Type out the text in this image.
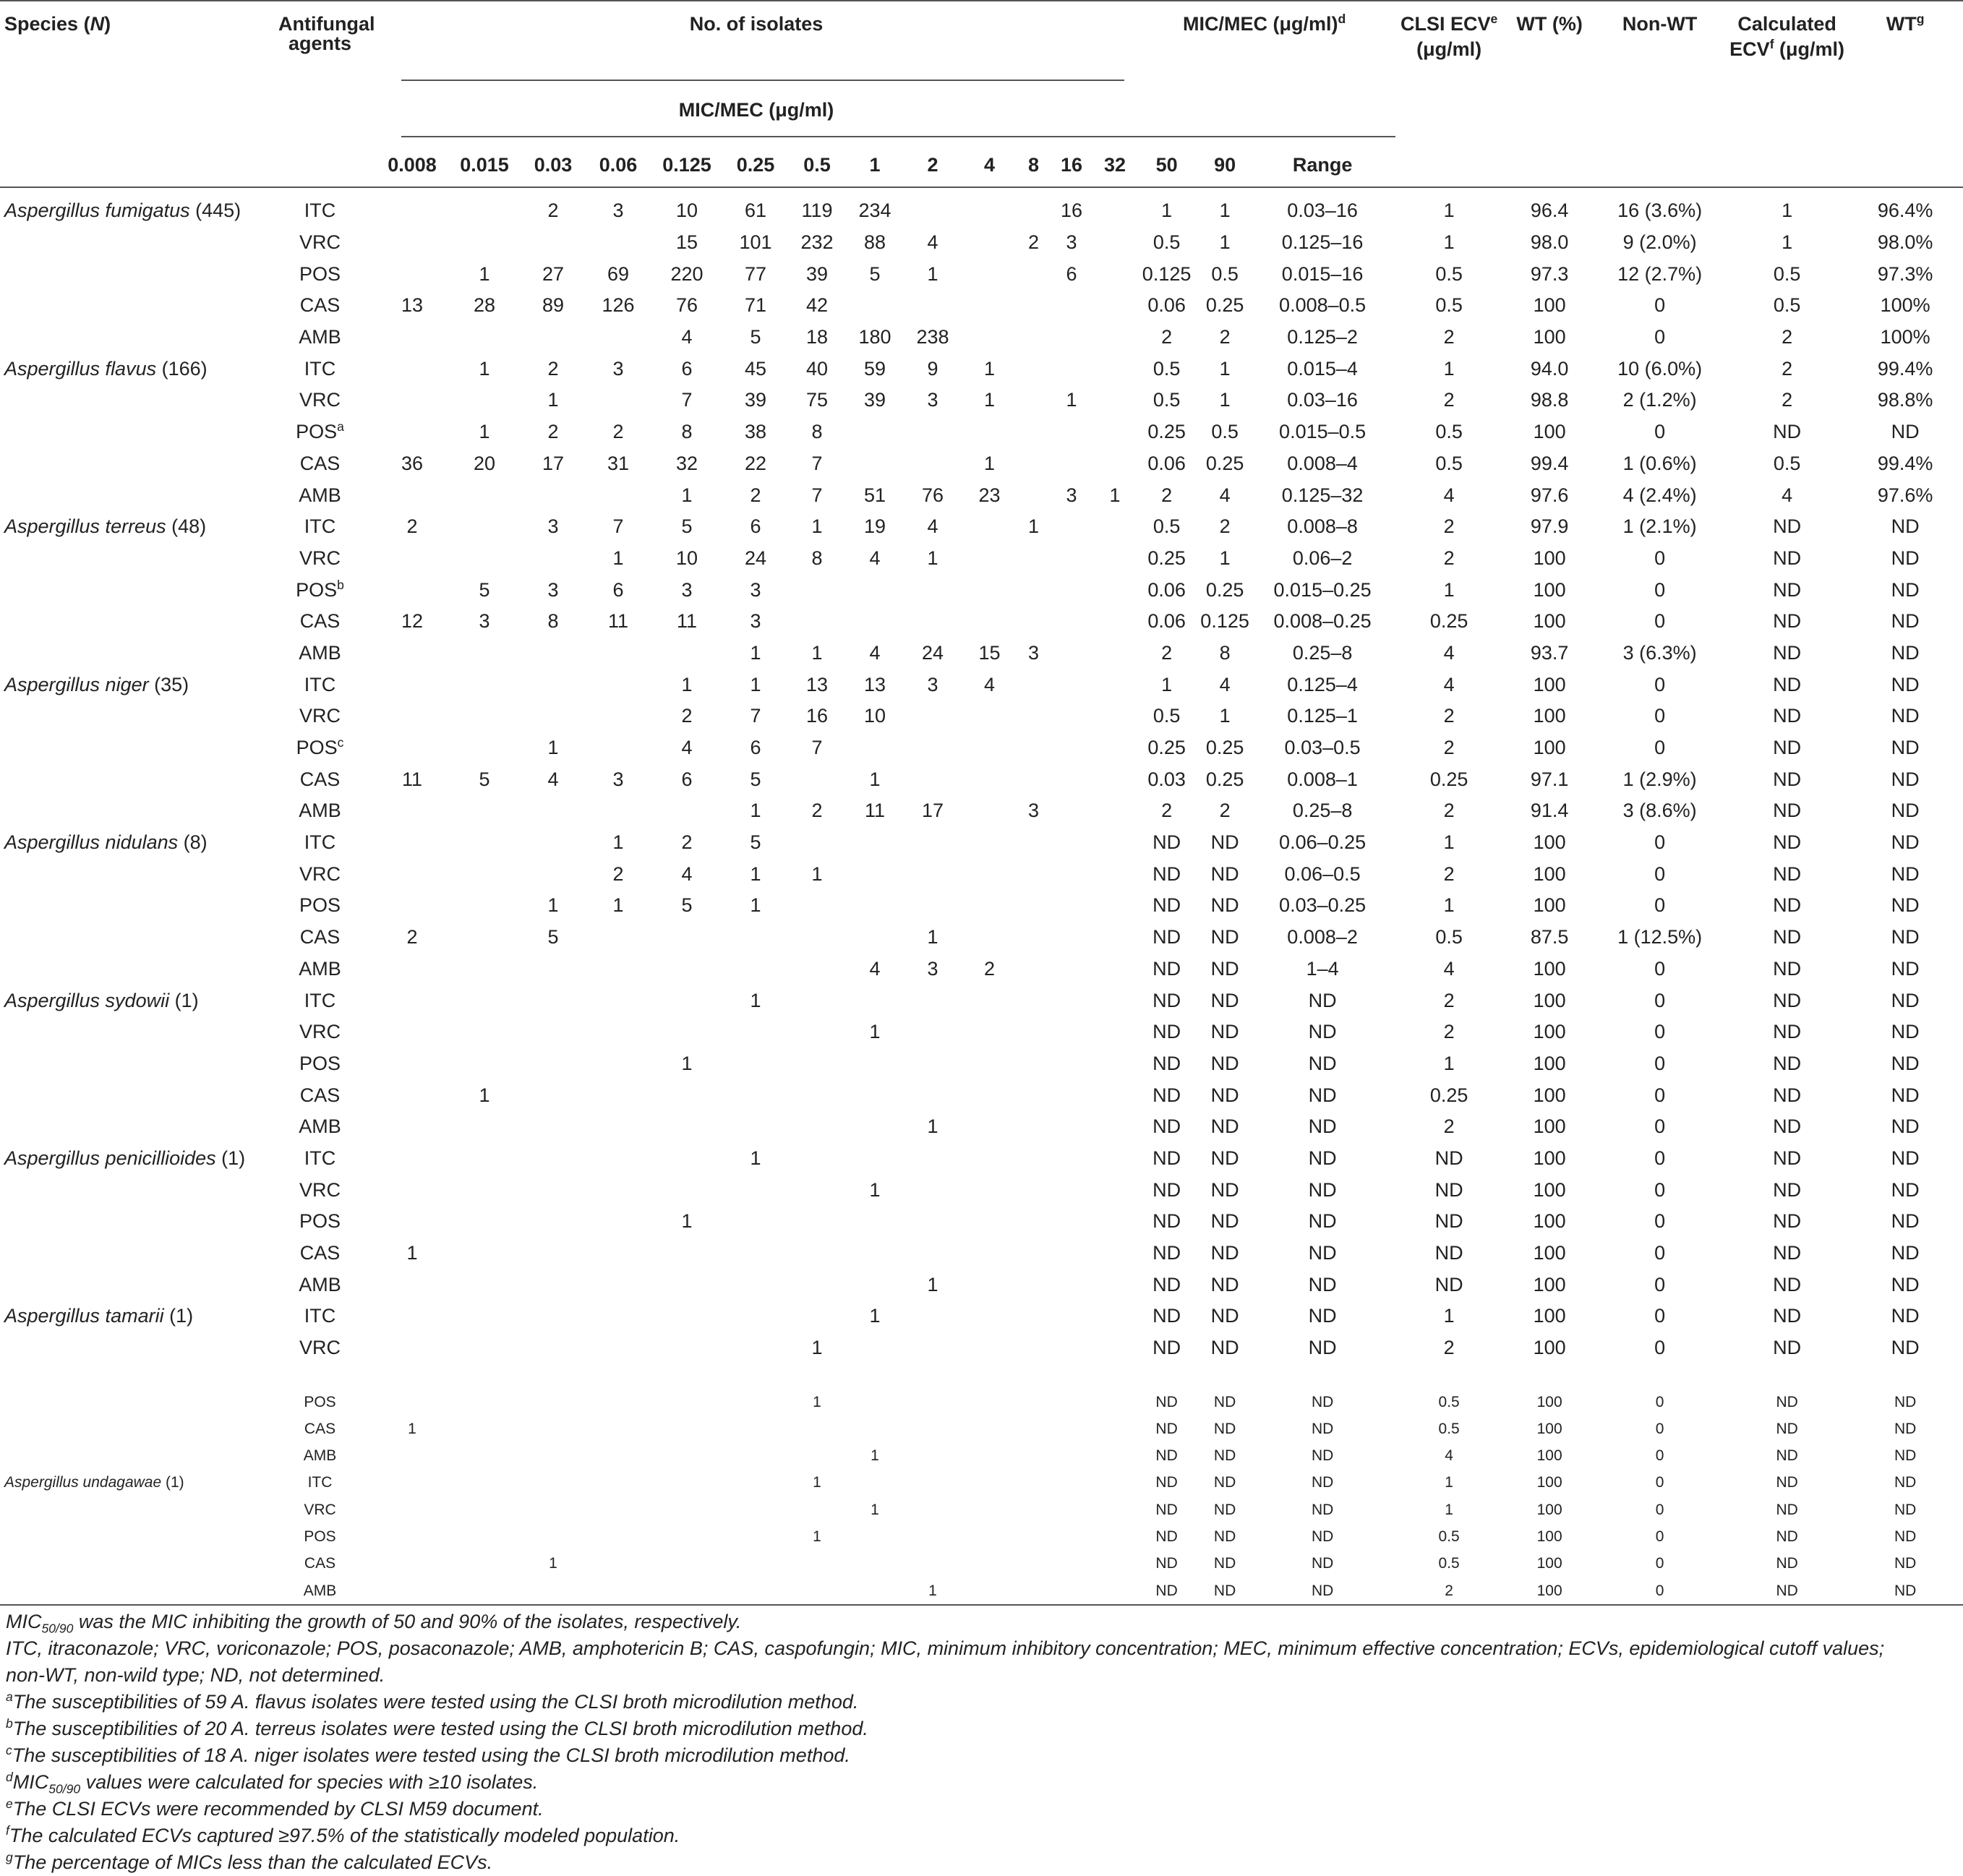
Species (N)	Antifungal agents	No. of isolates													MIC/MEC $(\mu g/ml)^d$			CLSI ECV$^e$
(μg/ml)	WT (%)	Non-WT	Calculated
ECV$^f$ (μg/ml)	$WT^g$
		MIC/MEC (μg/ml)																				
		0.008	0.015	0.03	0.06	0.125	0.25	0.5	1	2	4	8	16	32	50	90	Range					
Aspergillus fumigatus (445)	ITC			2	3	10	61	119	234				16		1	1	0.03–16	1	96.4	16 (3.6%)	1	96.4%
	VRC					15	101	232	88	4		2	3		0.5	1	0.125–16	1	98.0	9 (2.0%)	1	98.0%
	POS		1	27	69	220	77	39	5	1			6		0.125	0.5	0.015–16	0.5	97.3	12 (2.7%)	0.5	97.3%
	CAS	13	28	89	126	76	71	42							0.06	0.25	0.008–0.5	0.5	100	0	0.5	100%
	AMB					4	5	18	180	238					2	2	0.125–2	2	100	0	2	100%
Aspergillus flavus (166)	ITC		1	2	3	6	45	40	59	9	1				0.5	1	0.015–4	1	94.0	10 (6.0%)	2	99.4%
	VRC			1		7	39	75	39	3	1		1		0.5	1	0.03–16	2	98.8	2 (1.2%)	2	98.8%
	POS$^a$		1	2	2	8	38	8							0.25	0.5	0.015–0.5	0.5	100	0	ND	ND
	CAS	36	20	17	31	32	22	7			1				0.06	0.25	0.008–4	0.5	99.4	1 (0.6%)	0.5	99.4%
	AMB					1	2	7	51	76	23		3	1	2	4	0.125–32	4	97.6	4 (2.4%)	4	97.6%
Aspergillus terreus (48)	ITC	2		3	7	5	6	1	19	4		1			0.5	2	0.008–8	2	97.9	1 (2.1%)	ND	ND
	VRC				1	10	24	8	4	1					0.25	1	0.06–2	2	100	0	ND	ND
	POS$^b$		5	3	6	3	3								0.06	0.25	0.015–0.25	1	100	0	ND	ND
	CAS	12	3	8	11	11	3								0.06	0.125	0.008–0.25	0.25	100	0	ND	ND
	AMB						1	1	4	24	15	3			2	8	0.25–8	4	93.7	3 (6.3%)	ND	ND
Aspergillus niger (35)	ITC					1	1	13	13	3	4				1	4	0.125–4	4	100	0	ND	ND
	VRC					2	7	16	10						0.5	1	0.125–1	2	100	0	ND	ND
	POS$^c$			1		4	6	7							0.25	0.25	0.03–0.5	2	100	0	ND	ND
	CAS	11	5	4	3	6	5		1						0.03	0.25	0.008–1	0.25	97.1	1 (2.9%)	ND	ND
	AMB						1	2	11	17		3			2	2	0.25–8	2	91.4	3 (8.6%)	ND	ND
Aspergillus nidulans (8)	ITC				1	2	5								ND	ND	0.06–0.25	1	100	0	ND	ND
	VRC				2	4	1	1							ND	ND	0.06–0.5	2	100	0	ND	ND
	POS			1	1	5	1								ND	ND	0.03–0.25	1	100	0	ND	ND
	CAS	2		5						1					ND	ND	0.008–2	0.5	87.5	1 (12.5%)	ND	ND
	AMB								4	3	2				ND	ND	1–4	4	100	0	ND	ND
Aspergillus sydowii (1)	ITC						1								ND	ND	ND	2	100	0	ND	ND
	VRC								1						ND	ND	ND	2	100	0	ND	ND
	POS					1									ND	ND	ND	1	100	0	ND	ND
	CAS		1												ND	ND	ND	0.25	100	0	ND	ND
	AMB									1					ND	ND	ND	2	100	0	ND	ND
Aspergillus penicillioides (1)	ITC						1								ND	ND	ND	ND	100	0	ND	ND
	VRC								1						ND	ND	ND	ND	100	0	ND	ND
	POS					1									ND	ND	ND	ND	100	0	ND	ND
	CAS	1													ND	ND	ND	ND	100	0	ND	ND
	AMB									1					ND	ND	ND	ND	100	0	ND	ND
Aspergillus tamarii (1)	ITC								1						ND	ND	ND	1	100	0	ND	ND
	VRC							1							ND	ND	ND	2	100	0	ND	ND

	POS							1							ND	ND	ND	0.5	100	0	ND	ND
	CAS	1													ND	ND	ND	0.5	100	0	ND	ND
	AMB								1						ND	ND	ND	4	100	0	ND	ND
Aspergillus undagawae (1)	ITC							1							ND	ND	ND	1	100	0	ND	ND
	VRC								1						ND	ND	ND	1	100	0	ND	ND
	POS							1							ND	ND	ND	0.5	100	0	ND	ND
	CAS			1											ND	ND	ND	0.5	100	0	ND	ND
	AMB									1					ND	ND	ND	2	100	0	ND	ND

$MIC_{50/90}$ was the MIC inhibiting the growth of 50 and 90% of the isolates, respectively.

ITC, itraconazole; VRC, voriconazole; POS, posaconazole; AMB, amphotericin B; CAS, caspofungin; MIC, minimum inhibitory concentration; MEC, minimum effective concentration; ECVs, epidemiological cutoff values;

non-WT, non-wild type; ND, not determined.

$^a$The susceptibilities of 59 A. flavus isolates were tested using the CLSI broth microdilution method.

$^b$The susceptibilities of 20 A. terreus isolates were tested using the CLSI broth microdilution method.

$^c$The susceptibilities of 18 A. niger isolates were tested using the CLSI broth microdilution method.

$^dMIC_{50/90}$ values were calculated for species with ≥10 isolates.

$^e$The CLSI ECVs were recommended by CLSI M59 document.

$^f$The calculated ECVs captured ≥97.5% of the statistically modeled population.

$^g$The percentage of MICs less than the calculated ECVs.
